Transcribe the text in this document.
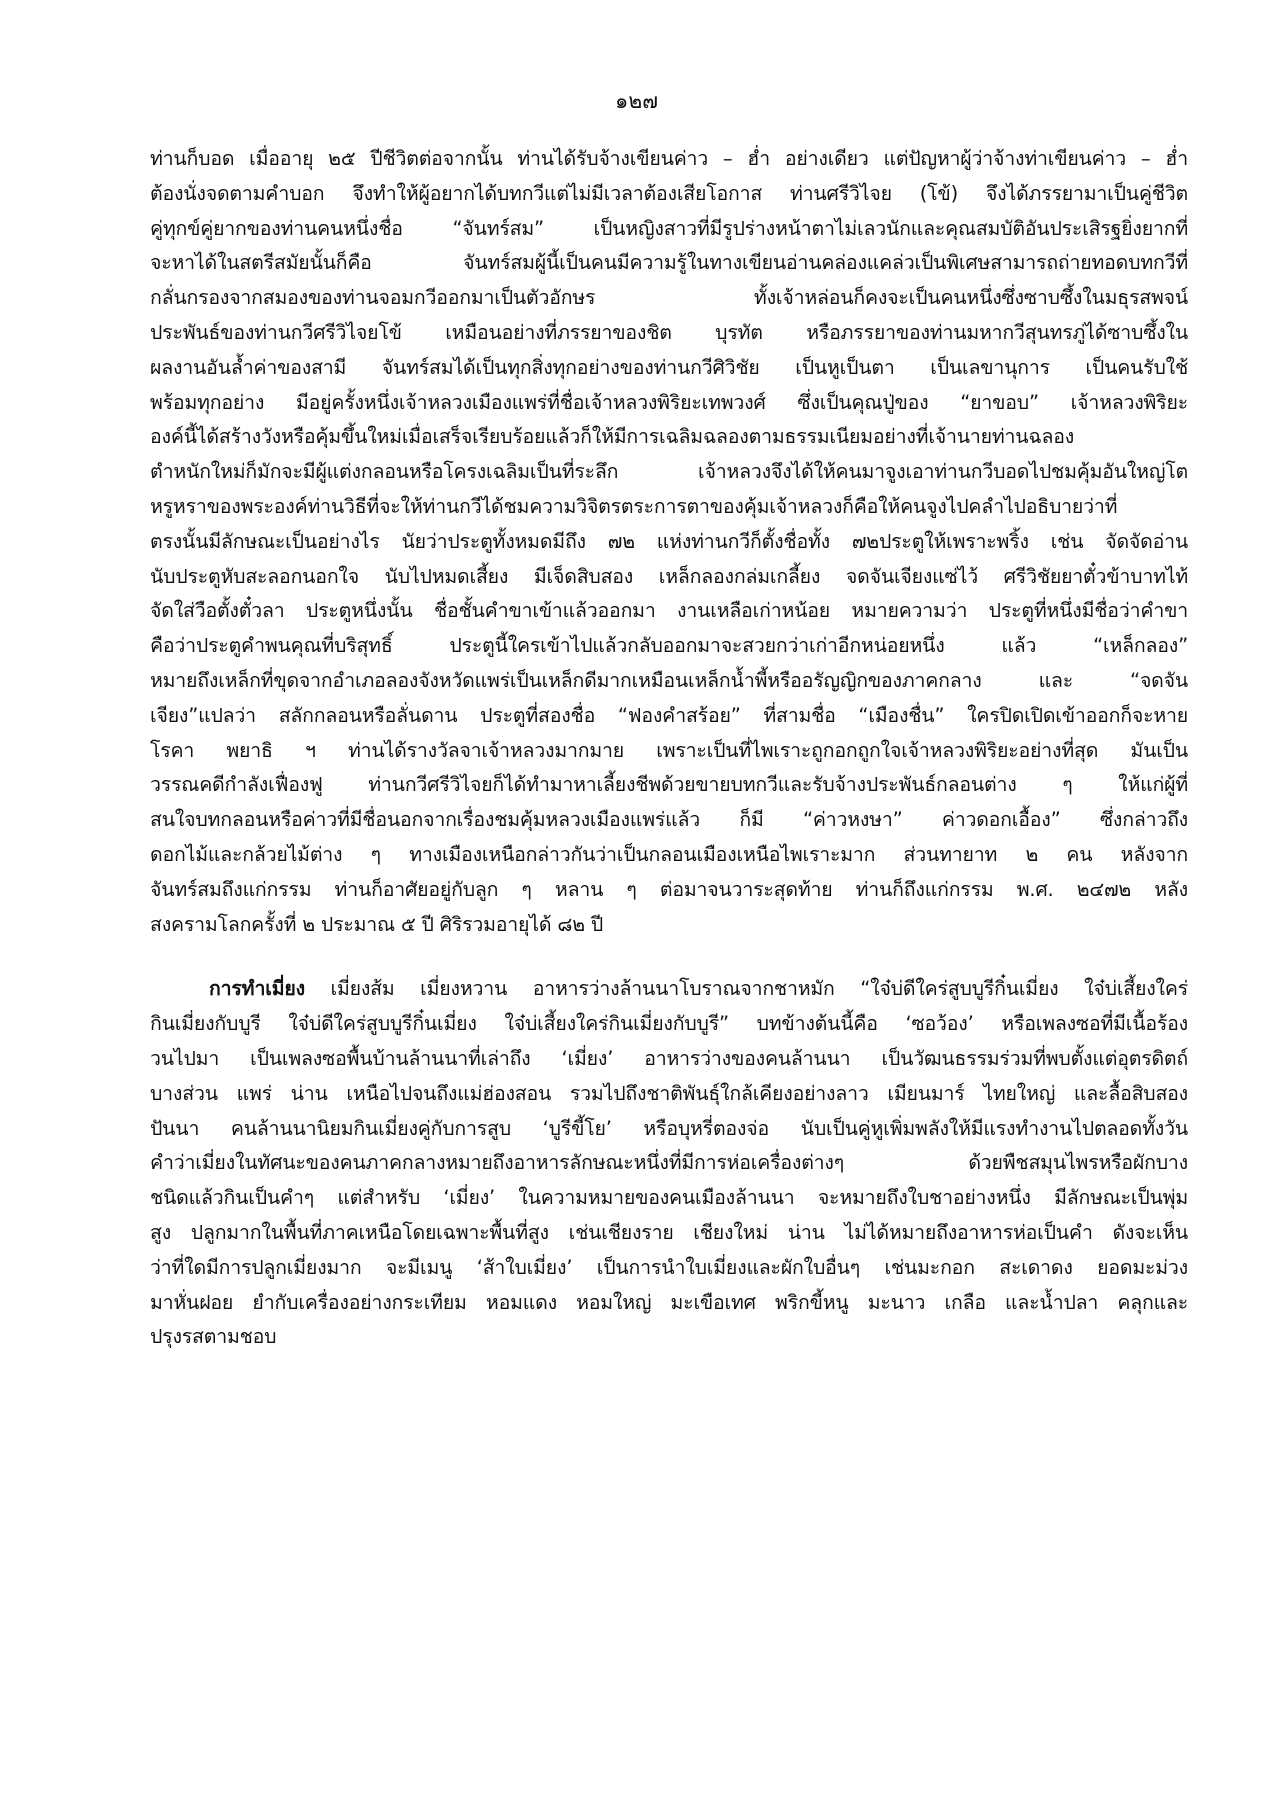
๑๒๗
ท่านก็บอด เมื่ออายุ ๒๕ ปีชีวิตต่อจากนั้น ท่านได้รับจ้างเขียนค่าว – ฮ่ำ อย่างเดียว แต่ปัญหาผู้ว่าจ้างท่าเขียนค่าว – ฮ่ำ
ต้องนั่งจดตามคำบอก จึงทำให้ผู้อยากได้บทกวีแต่ไม่มีเวลาต้องเสียโอกาส ท่านศรีวิไจย (โข้) จึงได้ภรรยามาเป็นคู่ชีวิต
คู่ทุกข์คู่ยากของท่านคนหนึ่งชื่อ “จันทร์สม” เป็นหญิงสาวที่มีรูปร่างหน้าตาไม่เลวนักและคุณสมบัติอันประเสิรฐยิ่งยากที่
จะหาได้ในสตรีสมัยนั้นก็คือ จันทร์สมผู้นี้เป็นคนมีความรู้ในทางเขียนอ่านคล่องแคล่วเป็นพิเศษสามารถถ่ายทอดบทกวีที่
กลั่นกรองจากสมองของท่านจอมกวีออกมาเป็นตัวอักษร ทั้งเจ้าหล่อนก็คงจะเป็นคนหนึ่งซึ่งซาบซึ้งในมธุรสพจน์
ประพันธ์ของท่านกวีศรีวิไจยโข้ เหมือนอย่างที่ภรรยาของชิต บุรทัต หรือภรรยาของท่านมหากวีสุนทรภู่ได้ซาบซึ้งใน
ผลงานอันล้ำค่าของสามี จันทร์สมได้เป็นทุกสิ่งทุกอย่างของท่านกวีศิวิชัย เป็นหูเป็นตา เป็นเลขานุการ เป็นคนรับใช้
พร้อมทุกอย่าง มีอยู่ครั้งหนึ่งเจ้าหลวงเมืองแพร่ที่ชื่อเจ้าหลวงพิริยะเทพวงศ์ ซึ่งเป็นคุณปู่ของ “ยาขอบ” เจ้าหลวงพิริยะ
องค์นี้ได้สร้างวังหรือคุ้มขึ้นใหม่เมื่อเสร็จเรียบร้อยแล้วก็ให้มีการเฉลิมฉลองตามธรรมเนียมอย่างที่เจ้านายท่านฉลอง
ตำหนักใหม่ก็มักจะมีผู้แต่งกลอนหรือโครงเฉลิมเป็นที่ระลึก เจ้าหลวงจึงได้ให้คนมาจูงเอาท่านกวีบอดไปชมคุ้มอันใหญ่โต
หรูหราของพระองค์ท่านวิธีที่จะให้ท่านกวีได้ชมความวิจิตรตระการตาของคุ้มเจ้าหลวงก็คือให้คนจูงไปคลำไปอธิบายว่าที่
ตรงนั้นมีลักษณะเป็นอย่างไร นัยว่าประตูทั้งหมดมีถึง ๗๒ แห่งท่านกวีก็ตั้งชื่อทั้ง ๗๒ประตูให้เพราะพริ้ง เช่น จัดจัดอ่าน
นับประตูหับสะลอกนอกใจ นับไปหมดเสี้ยง มีเจ็ดสิบสอง เหล็กลองกล่มเกลี้ยง จดจันเจียงแซ่ไว้ ศรีวิชัยยาตั๋วข้าบาทไท้
จัดใส่วือตั้งตั๋วลา ประตูหนึ่งนั้น ชื่อชั้นคำขาเข้าแล้วออกมา งานเหลือเก่าหน้อย หมายความว่า ประตูที่หนึ่งมีชื่อว่าคำขา
คือว่าประตูคำพนคุณที่บริสุทธิ์ ประตูนี้ใครเข้าไปแล้วกลับออกมาจะสวยกว่าเก่าอีกหน่อยหนึ่ง แล้ว “เหล็กลอง”
หมายถึงเหล็กที่ขุดจากอำเภอลองจังหวัดแพร่เป็นเหล็กดีมากเหมือนเหล็กน้ำพี้หรืออรัญญิกของภาคกลาง และ “จดจัน
เจียง”แปลว่า สลักกลอนหรือลั่นดาน ประตูที่สองชื่อ “ฟองคำสร้อย” ที่สามชื่อ “เมืองชื่น” ใครปิดเปิดเข้าออกก็จะหาย
โรคา พยาธิ ฯ ท่านได้รางวัลจาเจ้าหลวงมากมาย เพราะเป็นที่ไพเราะถูกอกถูกใจเจ้าหลวงพิริยะอย่างที่สุด มันเป็น
วรรณคดีกำลังเฟื่องฟู ท่านกวีศรีวิไจยก็ได้ทำมาหาเลี้ยงชีพด้วยขายบทกวีและรับจ้างประพันธ์กลอนต่าง ๆ ให้แก่ผู้ที่
สนใจบทกลอนหรือค่าวที่มีชื่อนอกจากเรื่องชมคุ้มหลวงเมืองแพร่แล้ว ก็มี “ค่าวหงษา” ค่าวดอกเอื้อง” ซึ่งกล่าวถึง
ดอกไม้และกล้วยไม้ต่าง ๆ ทางเมืองเหนือกล่าวกันว่าเป็นกลอนเมืองเหนือไพเราะมาก ส่วนทายาท ๒ คน หลังจาก
จันทร์สมถึงแก่กรรม ท่านก็อาศัยอยู่กับลูก ๆ หลาน ๆ ต่อมาจนวาระสุดท้าย ท่านก็ถึงแก่กรรม พ.ศ. ๒๔๗๒ หลัง
สงครามโลกครั้งที่ ๒ ประมาณ ๕ ปี ศิริรวมอายุได้ ๘๒ ปี
การทำเมี่ยง เมี่ยงส้ม เมี่ยงหวาน อาหารว่างล้านนาโบราณจากชาหมัก “ใจ๋บ่ดีใคร่สูบบูรีกิ๋นเมี่ยง ใจ๋บ่เสี้ยงใคร่
กินเมี่ยงกับบูรี ใจ๋บ่ดีใคร่สูบบูรีกิ๋นเมี่ยง ใจ๋บ่เสี้ยงใคร่กินเมี่ยงกับบูรี” บทข้างต้นนี้คือ ‘ซอว้อง’ หรือเพลงซอที่มีเนื้อร้อง
วนไปมา เป็นเพลงซอพื้นบ้านล้านนาที่เล่าถึง ‘เมี่ยง’ อาหารว่างของคนล้านนา เป็นวัฒนธรรมร่วมที่พบตั้งแต่อุตรดิตถ์
บางส่วน แพร่ น่าน เหนือไปจนถึงแม่ฮ่องสอน รวมไปถึงชาติพันธุ์ใกล้เคียงอย่างลาว เมียนมาร์ ไทยใหญ่ และลื้อสิบสอง
ปันนา คนล้านนานิยมกินเมี่ยงคู่กับการสูบ ‘บูรีขี้โย’ หรือบุหรี่ตองจ่อ นับเป็นคู่หูเพิ่มพลังให้มีแรงทำงานไปตลอดทั้งวัน
คำว่าเมี่ยงในทัศนะของคนภาคกลางหมายถึงอาหารลักษณะหนึ่งที่มีการห่อเครื่องต่างๆ ด้วยพืชสมุนไพรหรือผักบาง
ชนิดแล้วกินเป็นคำๆ แต่สำหรับ ‘เมี่ยง’ ในความหมายของคนเมืองล้านนา จะหมายถึงใบชาอย่างหนึ่ง มีลักษณะเป็นพุ่ม
สูง ปลูกมากในพื้นที่ภาคเหนือโดยเฉพาะพื้นที่สูง เช่นเชียงราย เชียงใหม่ น่าน ไม่ได้หมายถึงอาหารห่อเป็นคำ ดังจะเห็น
ว่าที่ใดมีการปลูกเมี่ยงมาก จะมีเมนู ‘ส้าใบเมี่ยง’ เป็นการนำใบเมี่ยงและผักใบอื่นๆ เช่นมะกอก สะเดาดง ยอดมะม่วง
มาหั่นฝอย ยำกับเครื่องอย่างกระเทียม หอมแดง หอมใหญ่ มะเขือเทศ พริกขี้หนู มะนาว เกลือ และน้ำปลา คลุกและ
ปรุงรสตามชอบ
